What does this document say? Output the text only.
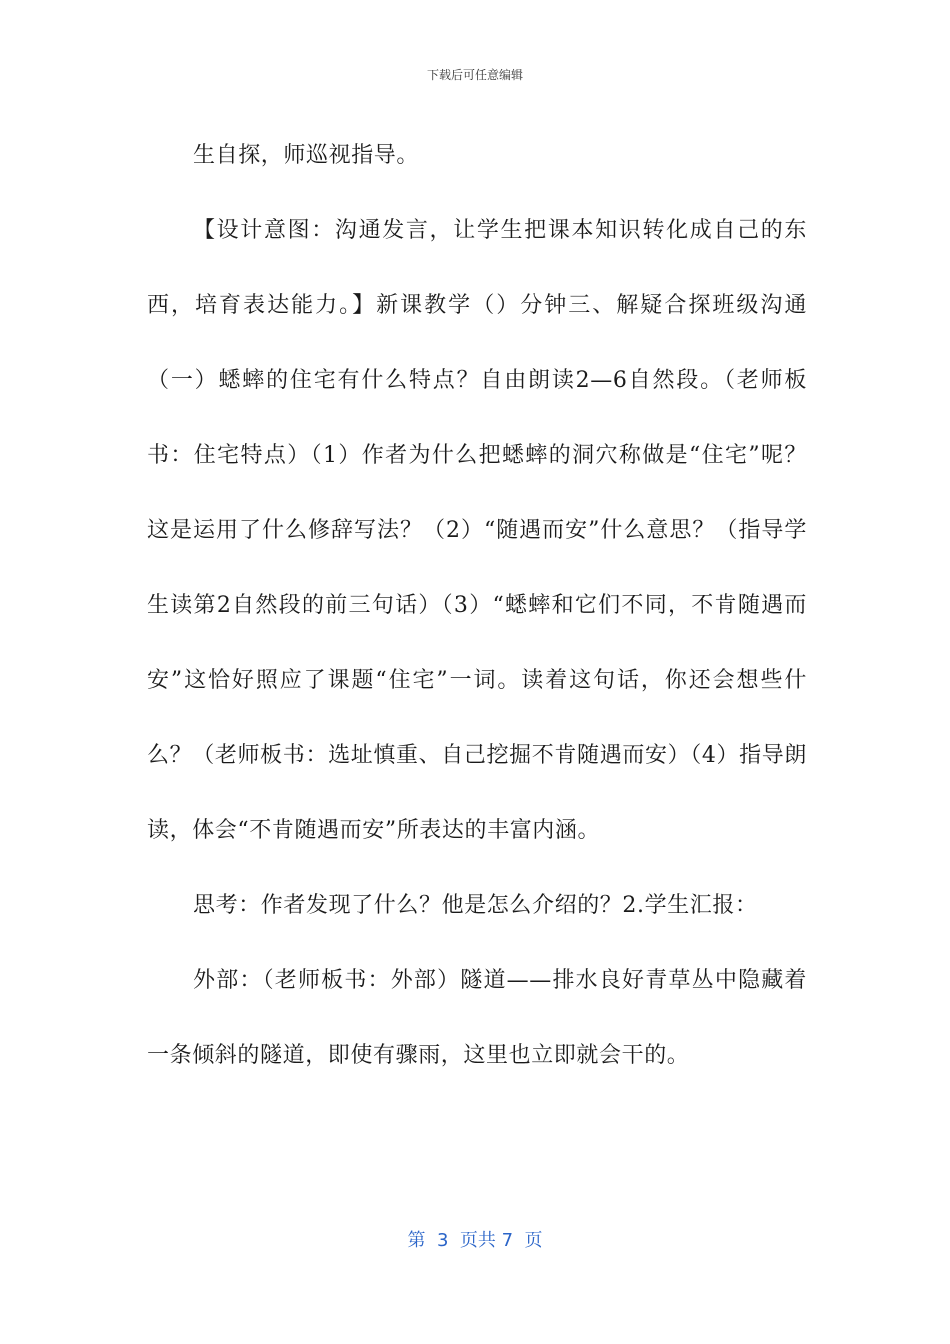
下载后可任意编辑

生自探，师巡视指导。

【设计意图：沟通发言，让学生把课本知识转化成自己的东西，培育表达能力。】新课教学（）分钟三、解疑合探班级沟通（一）蟋蟀的住宅有什么特点？自由朗读2—6自然段。（老师板书：住宅特点）（1）作者为什么把蟋蟀的洞穴称做是“住宅”呢？这是运用了什么修辞写法？（2）“随遇而安”什么意思？（指导学生读第2自然段的前三句话）（3）“蟋蟀和它们不同，不肯随遇而安”这恰好照应了课题“住宅”一词。读着这句话，你还会想些什么？（老师板书：选址慎重、自己挖掘不肯随遇而安）（4）指导朗读，体会“不肯随遇而安”所表达的丰富内涵。

思考：作者发现了什么？他是怎么介绍的？2.学生汇报：

外部：（老师板书：外部）隧道——排水良好青草丛中隐藏着一条倾斜的隧道，即使有骤雨，这里也立即就会干的。

第  3  页共 7  页
